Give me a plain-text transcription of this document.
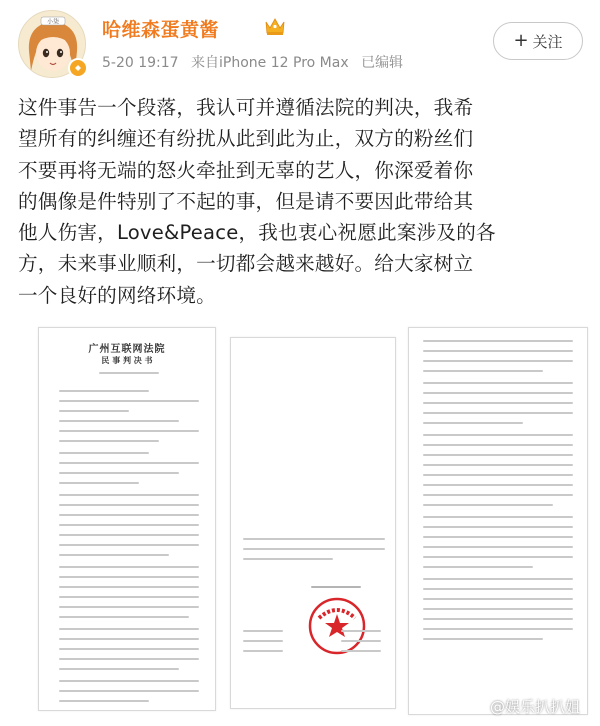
小柒 哈维森蛋黄酱
5-20 19:17 来自iPhone 12 Pro Max 已编辑
+ 关注

这件事告一个段落，我认可并遵循法院的判决，我希

望所有的纠缠还有纷扰从此到此为止，双方的粉丝们

不要再将无端的怒火牵扯到无辜的艺人，你深爱着你

的偶像是件特别了不起的事，但是请不要因此带给其

他人伤害，Love&Peace，我也衷心祝愿此案涉及的各

方，未来事业顺利，一切都会越来越好。给大家树立

一个良好的网络环境。

广州互联网法院
民 事 判 决 书
@娱乐扒扒姐
